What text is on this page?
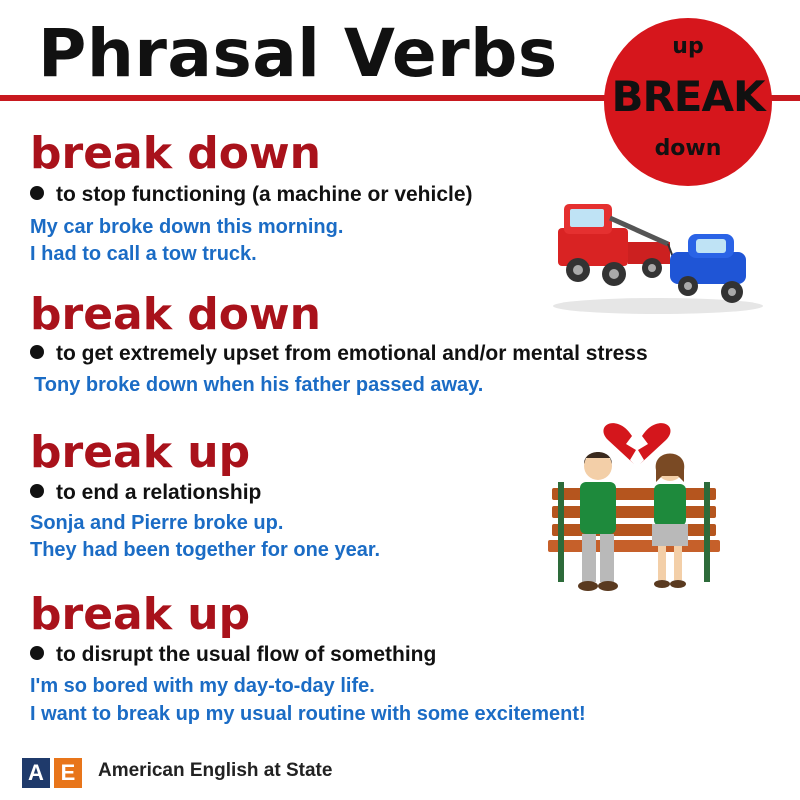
Phrasal Verbs	up
BREAK
down
break down
to stop functioning (a machine or vehicle)
My car broke down this morning.
I had to call a tow truck.
break down
to get extremely upset from emotional and/or mental stress
Tony broke down when his father passed away.
break up
to end a relationship
Sonja and Pierre broke up.
They had been together for one year.
break up
to disrupt the usual flow of something
I'm so bored with my day-to-day life.
I want to break up my usual routine with some excitement!
A E	American English at State
